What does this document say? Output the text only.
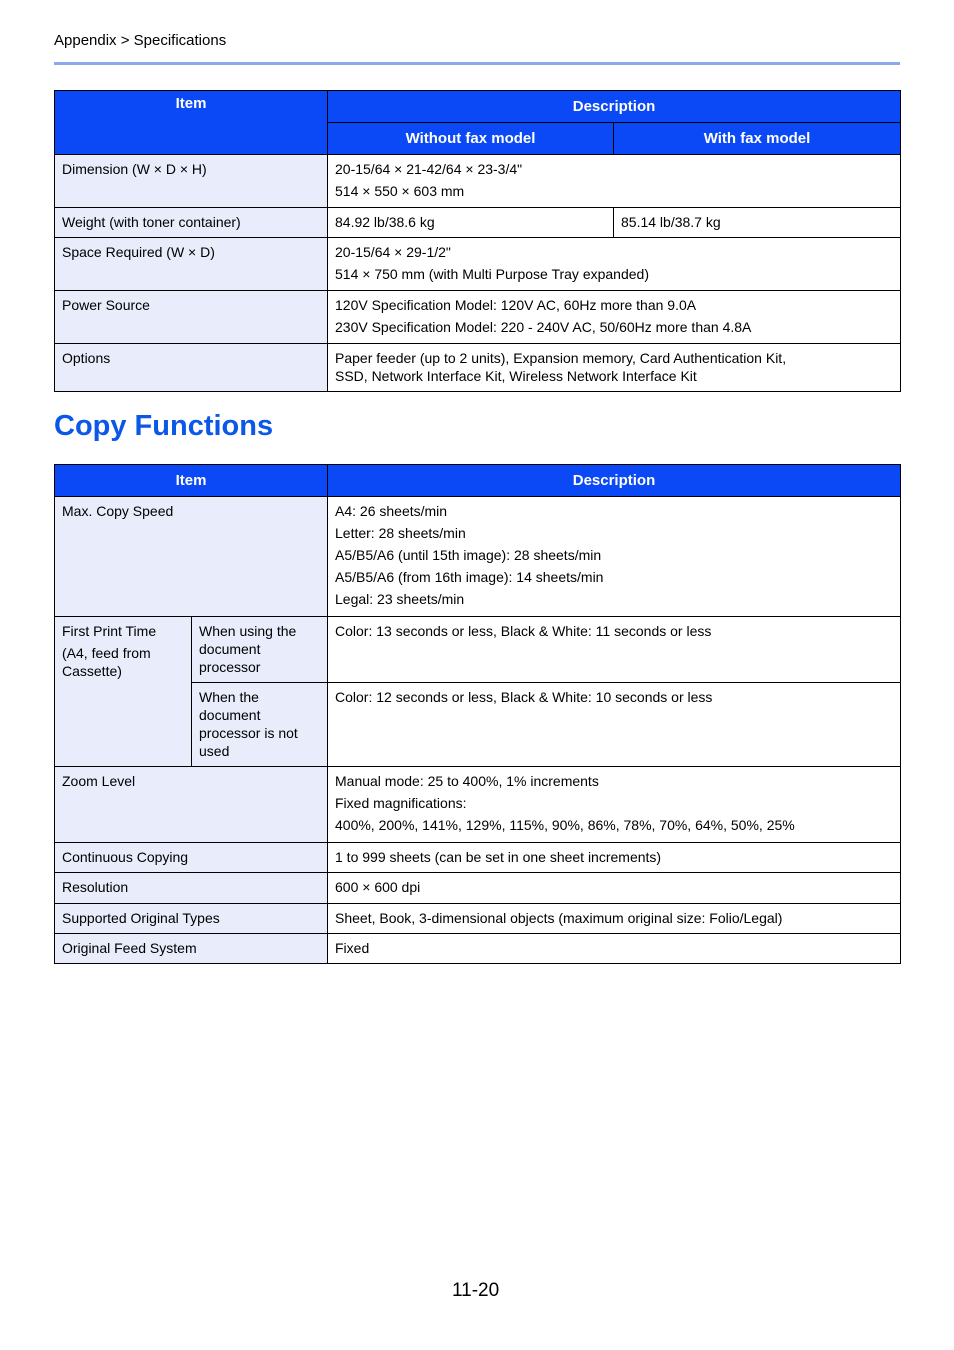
Appendix > Specifications
Item	Description	
	Without fax model	With fax model
Dimension (W × D × H)	20-15/64 × 21-42/64 × 23-3/4"
514 × 550 × 603 mm	

Weight (with toner container)	84.92 lb/38.6 kg	85.14 lb/38.7 kg
Space Required (W × D)	20-15/64 × 29-1/2"
514 × 750 mm (with Multi Purpose Tray expanded)	

Power Source	120V Specification Model: 120V AC, 60Hz more than 9.0A
230V Specification Model: 220 - 240V AC, 50/60Hz more than 4.8A	

Options	Paper feeder (up to 2 units), Expansion memory, Card Authentication Kit,
SSD, Network Interface Kit, Wireless Network Interface Kit	
Copy Functions
Item		Description
Max. Copy Speed		A4: 26 sheets/min
Letter: 28 sheets/min
A5/B5/A6 (until 15th image): 28 sheets/min
A5/B5/A6 (from 16th image): 14 sheets/min
Legal: 23 sheets/min

First Print Time
(A4, feed from Cassette)	When using the document processor	Color: 13 seconds or less, Black & White: 11 seconds or less
	When the document processor is not used	Color: 12 seconds or less, Black & White: 10 seconds or less
Zoom Level		Manual mode: 25 to 400%, 1% increments
Fixed magnifications:
400%, 200%, 141%, 129%, 115%, 90%, 86%, 78%, 70%, 64%, 50%, 25%

Continuous Copying		1 to 999 sheets (can be set in one sheet increments)
Resolution		600 × 600 dpi
Supported Original Types		Sheet, Book, 3-dimensional objects (maximum original size: Folio/Legal)
Original Feed System		Fixed
11-20
